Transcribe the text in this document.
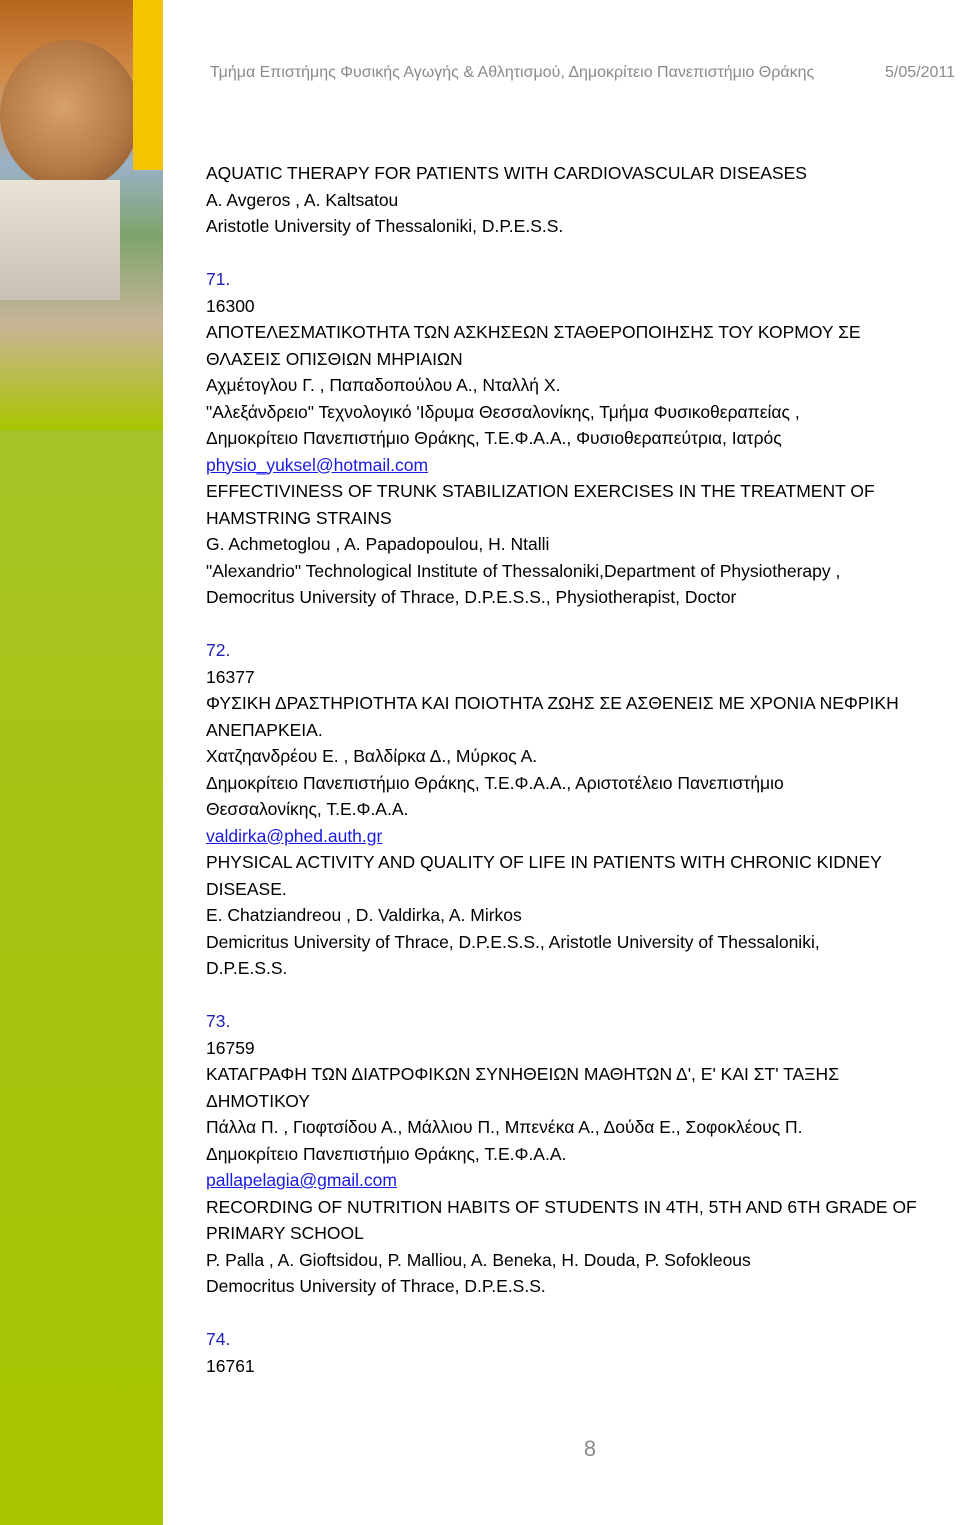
Τμήμα Επιστήμης Φυσικής Αγωγής & Αθλητισμού, Δημοκρίτειο Πανεπιστήμιο Θράκης	5/05/2011
AQUATIC THERAPY FOR PATIENTS WITH CARDIOVASCULAR DISEASES
A. Avgeros , A. Kaltsatou
Aristotle University of Thessaloniki, D.P.E.S.S.
71.
16300
ΑΠΟΤΕΛΕΣΜΑΤΙΚΟΤΗΤΑ ΤΩΝ ΑΣΚΗΣΕΩΝ ΣΤΑΘΕΡΟΠΟΙΗΣΗΣ ΤΟΥ ΚΟΡΜΟΥ ΣΕ
ΘΛΑΣΕΙΣ ΟΠΙΣΘΙΩΝ ΜΗΡΙΑΙΩΝ
Αχμέτογλου Γ. , Παπαδοπούλου Α., Νταλλή Χ.
"Αλεξάνδρειο" Τεχνολογικό 'Ιδρυμα Θεσσαλονίκης, Τμήμα Φυσικοθεραπείας ,
Δημοκρίτειο Πανεπιστήμιο Θράκης, Τ.Ε.Φ.Α.Α., Φυσιοθεραπεύτρια, Ιατρός
physio_yuksel@hotmail.com
EFFECTIVINESS OF TRUNK STABILIZATION EXERCISES IN THE TREATMENT OF
HAMSTRING STRAINS
G. Achmetoglou , A. Papadopoulou, H. Ntalli
"Alexandrio" Technological Institute of Thessaloniki,Department of Physiotherapy ,
Democritus University of Thrace, D.P.E.S.S., Physiotherapist, Doctor
72.
16377
ΦΥΣΙΚΗ ΔΡΑΣΤΗΡΙΟΤΗΤΑ ΚΑΙ ΠΟΙΟΤΗΤΑ ΖΩΗΣ ΣΕ ΑΣΘΕΝΕΙΣ ΜΕ ΧΡΟΝΙΑ ΝΕΦΡΙΚΗ
ΑΝΕΠΑΡΚΕΙΑ.
Χατζηανδρέου Ε. , Βαλδίρκα Δ., Μύρκος Α.
Δημοκρίτειο Πανεπιστήμιο Θράκης, Τ.Ε.Φ.Α.Α., Αριστοτέλειο Πανεπιστήμιο
Θεσσαλονίκης, Τ.Ε.Φ.Α.Α.
valdirka@phed.auth.gr
PHYSICAL ACTIVITY AND QUALITY OF LIFE IN PATIENTS WITH CHRONIC KIDNEY
DISEASE.
E. Chatziandreou , D. Valdirka, A. Mirkos
Demicritus University of Thrace, D.P.E.S.S., Aristotle University of Thessaloniki,
D.P.E.S.S.
73.
16759
ΚΑΤΑΓΡΑΦΗ ΤΩΝ ΔΙΑΤΡΟΦΙΚΩΝ ΣΥΝΗΘΕΙΩΝ ΜΑΘΗΤΩΝ Δ', Ε' ΚΑΙ ΣΤ' ΤΑΞΗΣ
ΔΗΜΟΤΙΚΟΥ
Πάλλα Π. , Γιοφτσίδου Α., Μάλλιου Π., Μπενέκα Α., Δούδα Ε., Σοφοκλέους Π.
Δημοκρίτειο Πανεπιστήμιο Θράκης, Τ.Ε.Φ.Α.Α.
pallapelagia@gmail.com
RECORDING OF NUTRITION HABITS OF STUDENTS IN 4TH, 5TH AND 6TH GRADE OF
PRIMARY SCHOOL
P. Palla , A. Gioftsidou, P. Malliou, A. Beneka, H. Douda, P. Sofokleous
Democritus University of Thrace, D.P.E.S.S.
74.
16761
8
